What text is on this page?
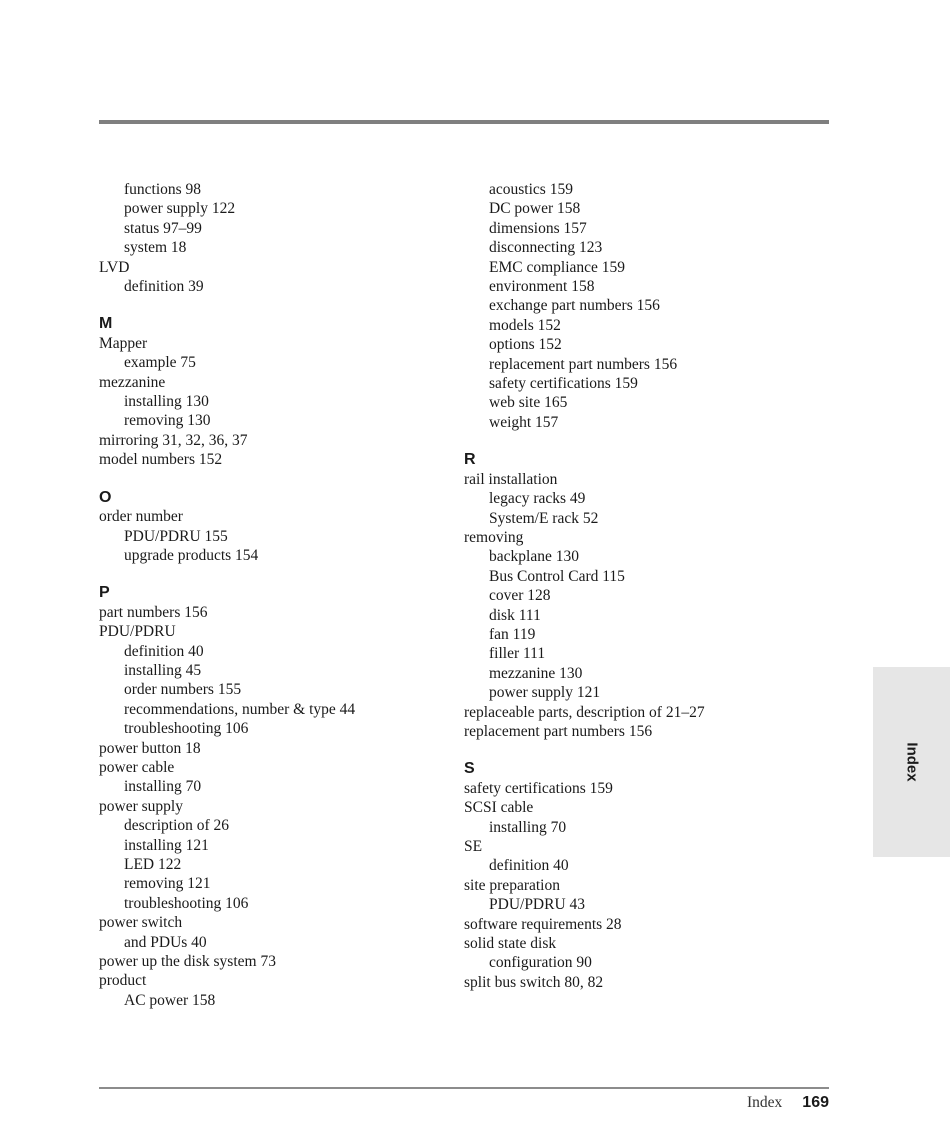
functions 98
power supply 122
status 97–99
system 18
LVD
definition 39
M
Mapper
example 75
mezzanine
installing 130
removing 130
mirroring 31, 32, 36, 37
model numbers 152
O
order number
PDU/PDRU 155
upgrade products 154
P
part numbers 156
PDU/PDRU
definition 40
installing 45
order numbers 155
recommendations, number & type 44
troubleshooting 106
power button 18
power cable
installing 70
power supply
description of 26
installing 121
LED 122
removing 121
troubleshooting 106
power switch
and PDUs 40
power up the disk system 73
product
AC power 158
acoustics 159
DC power 158
dimensions 157
disconnecting 123
EMC compliance 159
environment 158
exchange part numbers 156
models 152
options 152
replacement part numbers 156
safety certifications 159
web site 165
weight 157
R
rail installation
legacy racks 49
System/E rack 52
removing
backplane 130
Bus Control Card 115
cover 128
disk 111
fan 119
filler 111
mezzanine 130
power supply 121
replaceable parts, description of 21–27
replacement part numbers 156
S
safety certifications 159
SCSI cable
installing 70
SE
definition 40
site preparation
PDU/PDRU 43
software requirements 28
solid state disk
configuration 90
split bus switch 80, 82
Index
Index 169
